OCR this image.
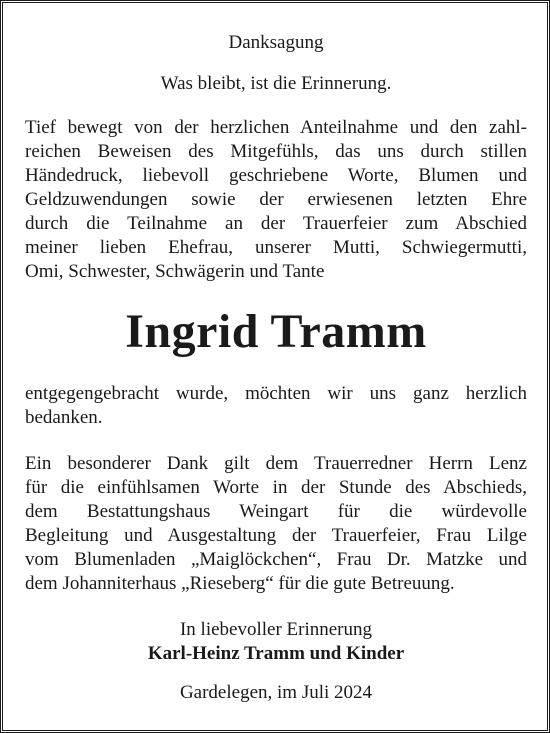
Danksagung
Was bleibt, ist die Erinnerung.
Tief bewegt von der herzlichen Anteilnahme und den zahl-
reichen Beweisen des Mitgefühls, das uns durch stillen
Händedruck, liebevoll geschriebene Worte, Blumen und
Geldzuwendungen sowie der erwiesenen letzten Ehre
durch die Teilnahme an der Trauerfeier zum Abschied
meiner lieben Ehefrau, unserer Mutti, Schwiegermutti,
Omi, Schwester, Schwägerin und Tante
Ingrid Tramm
entgegengebracht wurde, möchten wir uns ganz herzlich
bedanken.
Ein besonderer Dank gilt dem Trauerredner Herrn Lenz
für die einfühlsamen Worte in der Stunde des Abschieds,
dem Bestattungshaus Weingart für die würdevolle
Begleitung und Ausgestaltung der Trauerfeier, Frau Lilge
vom Blumenladen „Maiglöckchen“, Frau Dr. Matzke und
dem Johanniterhaus „Rieseberg“ für die gute Betreuung.
In liebevoller Erinnerung
Karl-Heinz Tramm und Kinder
Gardelegen, im Juli 2024
